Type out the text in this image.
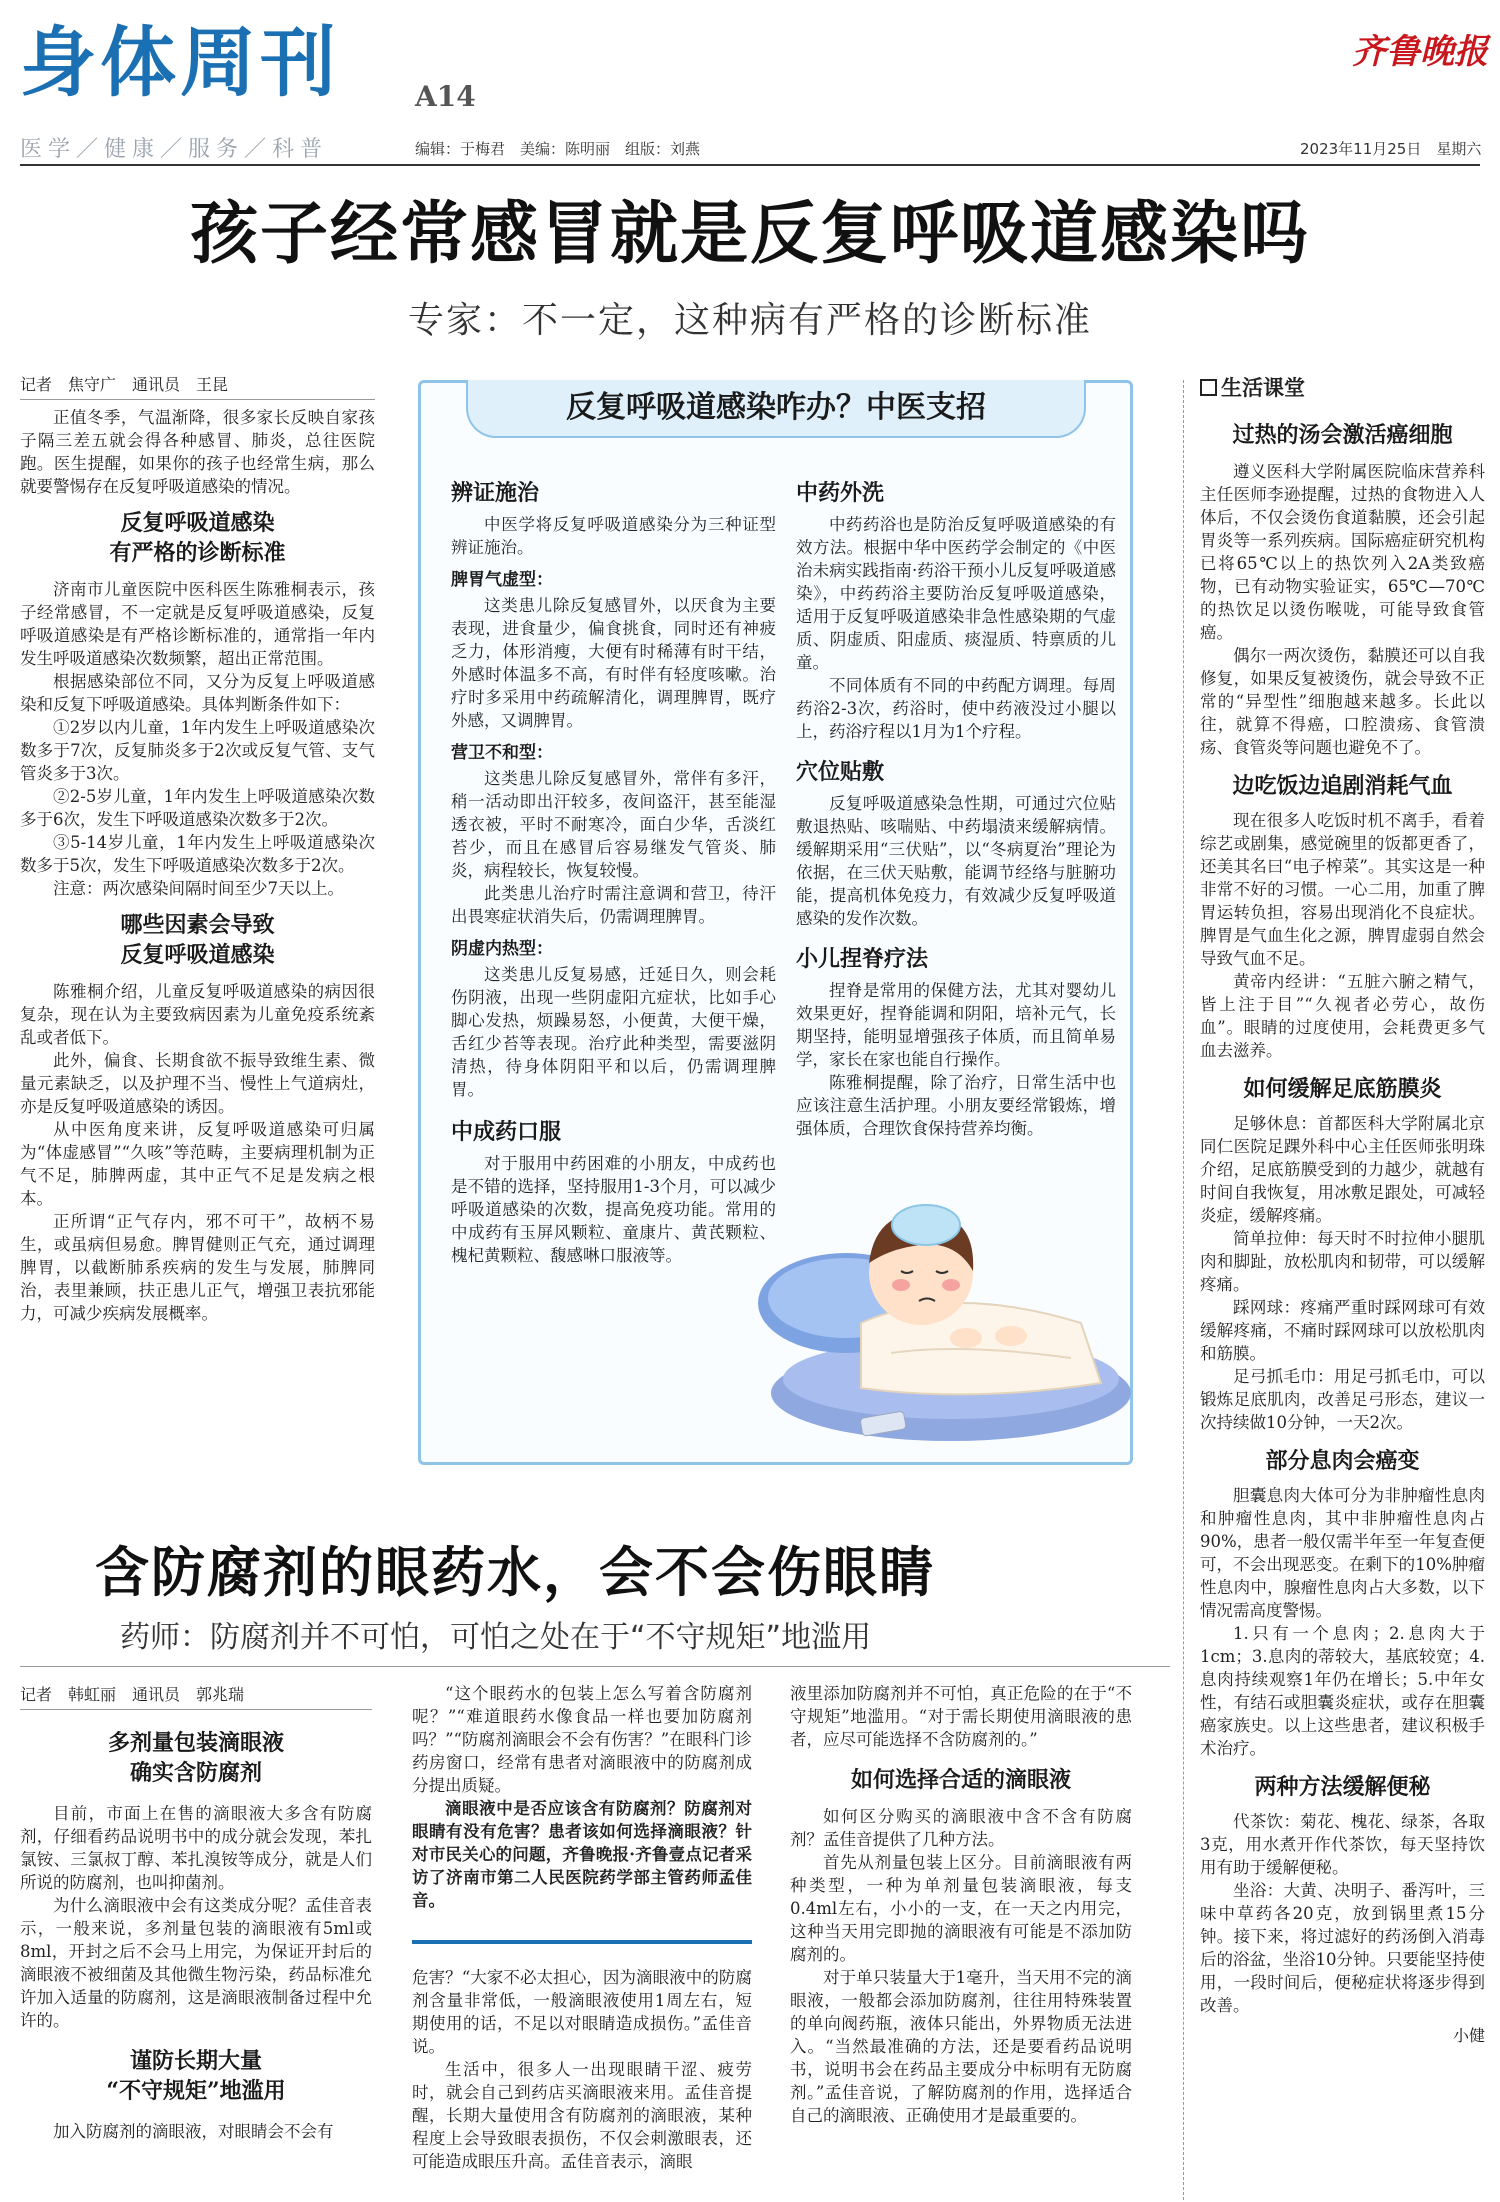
身体周刊	A14
医学／健康／服务／科普	编辑：于梅君　美编：陈明丽　组版：刘燕
齐鲁晚报
2023年11月25日　星期六
孩子经常感冒就是反复呼吸道感染吗
专家：不一定，这种病有严格的诊断标准
记者　焦守广　通讯员　王昆

正值冬季，气温渐降，很多家长反映自家孩子隔三差五就会得各种感冒、肺炎，总往医院跑。医生提醒，如果你的孩子也经常生病，那么就要警惕存在反复呼吸道感染的情况。

反复呼吸道感染
有严格的诊断标准

济南市儿童医院中医科医生陈雅桐表示，孩子经常感冒，不一定就是反复呼吸道感染，反复呼吸道感染是有严格诊断标准的，通常指一年内发生呼吸道感染次数频繁，超出正常范围。

根据感染部位不同，又分为反复上呼吸道感染和反复下呼吸道感染。具体判断条件如下：

①2岁以内儿童，1年内发生上呼吸道感染次数多于7次，反复肺炎多于2次或反复气管、支气管炎多于3次。

②2-5岁儿童，1年内发生上呼吸道感染次数多于6次，发生下呼吸道感染次数多于2次。

③5-14岁儿童，1年内发生上呼吸道感染次数多于5次，发生下呼吸道感染次数多于2次。

注意：两次感染间隔时间至少7天以上。

哪些因素会导致
反复呼吸道感染

陈雅桐介绍，儿童反复呼吸道感染的病因很复杂，现在认为主要致病因素为儿童免疫系统紊乱或者低下。

此外，偏食、长期食欲不振导致维生素、微量元素缺乏，以及护理不当、慢性上气道病灶，亦是反复呼吸道感染的诱因。

从中医角度来讲，反复呼吸道感染可归属为“体虚感冒”“久咳”等范畴，主要病理机制为正气不足，肺脾两虚，其中正气不足是发病之根本。

正所谓“正气存内，邪不可干”，故柄不易生，或虽病但易愈。脾胃健则正气充，通过调理脾胃，以截断肺系疾病的发生与发展，肺脾同治，表里兼顾，扶正患儿正气，增强卫表抗邪能力，可减少疾病发展概率。

反复呼吸道感染咋办？中医支招
辨证施治

中医学将反复呼吸道感染分为三种证型辨证施治。

脾胃气虚型：

这类患儿除反复感冒外，以厌食为主要表现，进食量少，偏食挑食，同时还有神疲乏力，体形消瘦，大便有时稀薄有时干结，外感时体温多不高，有时伴有轻度咳嗽。治疗时多采用中药疏解清化，调理脾胃，既疗外感，又调脾胃。

营卫不和型：

这类患儿除反复感冒外，常伴有多汗，稍一活动即出汗较多，夜间盗汗，甚至能湿透衣被，平时不耐寒冷，面白少华，舌淡红苔少，而且在感冒后容易继发气管炎、肺炎，病程较长，恢复较慢。

此类患儿治疗时需注意调和营卫，待汗出畏寒症状消失后，仍需调理脾胃。

阴虚内热型：

这类患儿反复易感，迁延日久，则会耗伤阴液，出现一些阴虚阳亢症状，比如手心脚心发热，烦躁易怒，小便黄，大便干燥，舌红少苔等表现。治疗此种类型，需要滋阴清热，待身体阴阳平和以后，仍需调理脾胃。

中成药口服

对于服用中药困难的小朋友，中成药也是不错的选择，坚持服用1-3个月，可以减少呼吸道感染的次数，提高免疫功能。常用的中成药有玉屏风颗粒、童康片、黄芪颗粒、槐杞黄颗粒、馥感啉口服液等。

中药外洗

中药药浴也是防治反复呼吸道感染的有效方法。根据中华中医药学会制定的《中医治未病实践指南·药浴干预小儿反复呼吸道感染》，中药药浴主要防治反复呼吸道感染，适用于反复呼吸道感染非急性感染期的气虚质、阴虚质、阳虚质、痰湿质、特禀质的儿童。

不同体质有不同的中药配方调理。每周药浴2-3次，药浴时，使中药液没过小腿以上，药浴疗程以1月为1个疗程。

穴位贴敷

反复呼吸道感染急性期，可通过穴位贴敷退热贴、咳喘贴、中药塌渍来缓解病情。缓解期采用“三伏贴”，以“冬病夏治”理论为依据，在三伏天贴敷，能调节经络与脏腑功能，提高机体免疫力，有效减少反复呼吸道感染的发作次数。

小儿捏脊疗法

捏脊是常用的保健方法，尤其对婴幼儿效果更好，捏脊能调和阴阳，培补元气，长期坚持，能明显增强孩子体质，而且简单易学，家长在家也能自行操作。

陈雅桐提醒，除了治疗，日常生活中也应该注意生活护理。小朋友要经常锻炼，增强体质，合理饮食保持营养均衡。

生活课堂
过热的汤会激活癌细胞

遵义医科大学附属医院临床营养科主任医师李逊提醒，过热的食物进入人体后，不仅会烫伤食道黏膜，还会引起胃炎等一系列疾病。国际癌症研究机构已将65℃以上的热饮列入2A类致癌物，已有动物实验证实，65℃—70℃的热饮足以烫伤喉咙，可能导致食管癌。

偶尔一两次烫伤，黏膜还可以自我修复，如果反复被烫伤，就会导致不正常的“异型性”细胞越来越多。长此以往，就算不得癌，口腔溃疡、食管溃疡、食管炎等问题也避免不了。

边吃饭边追剧消耗气血

现在很多人吃饭时机不离手，看着综艺或剧集，感觉碗里的饭都更香了，还美其名曰“电子榨菜”。其实这是一种非常不好的习惯。一心二用，加重了脾胃运转负担，容易出现消化不良症状。脾胃是气血生化之源，脾胃虚弱自然会导致气血不足。

黄帝内经讲：“五脏六腑之精气，皆上注于目”“久视者必劳心，故伤血”。眼睛的过度使用，会耗费更多气血去滋养。

如何缓解足底筋膜炎

足够休息：首都医科大学附属北京同仁医院足踝外科中心主任医师张明珠介绍，足底筋膜受到的力越少，就越有时间自我恢复，用冰敷足跟处，可减轻炎症，缓解疼痛。

简单拉伸：每天时不时拉伸小腿肌肉和脚趾，放松肌肉和韧带，可以缓解疼痛。

踩网球：疼痛严重时踩网球可有效缓解疼痛，不痛时踩网球可以放松肌肉和筋膜。

足弓抓毛巾：用足弓抓毛巾，可以锻炼足底肌肉，改善足弓形态，建议一次持续做10分钟，一天2次。

部分息肉会癌变

胆囊息肉大体可分为非肿瘤性息肉和肿瘤性息肉，其中非肿瘤性息肉占90%，患者一般仅需半年至一年复查便可，不会出现恶变。在剩下的10%肿瘤性息肉中，腺瘤性息肉占大多数，以下情况需高度警惕。

1.只有一个息肉；2.息肉大于1cm；3.息肉的蒂较大，基底较宽；4.息肉持续观察1年仍在增长；5.中年女性，有结石或胆囊炎症状，或存在胆囊癌家族史。以上这些患者，建议积极手术治疗。

两种方法缓解便秘

代茶饮：菊花、槐花、绿茶，各取3克，用水煮开作代茶饮，每天坚持饮用有助于缓解便秘。

坐浴：大黄、决明子、番泻叶，三味中草药各20克，放到锅里煮15分钟。接下来，将过滤好的药汤倒入消毒后的浴盆，坐浴10分钟。只要能坚持使用，一段时间后，便秘症状将逐步得到改善。

小健
含防腐剂的眼药水，会不会伤眼睛
药师：防腐剂并不可怕，可怕之处在于“不守规矩”地滥用
记者　韩虹丽　通讯员　郭兆瑞
多剂量包装滴眼液
确实含防腐剂

目前，市面上在售的滴眼液大多含有防腐剂，仔细看药品说明书中的成分就会发现，苯扎氯铵、三氯叔丁醇、苯扎溴铵等成分，就是人们所说的防腐剂，也叫抑菌剂。

为什么滴眼液中会有这类成分呢？孟佳音表示，一般来说，多剂量包装的滴眼液有5ml或8ml，开封之后不会马上用完，为保证开封后的滴眼液不被细菌及其他微生物污染，药品标准允许加入适量的防腐剂，这是滴眼液制备过程中允许的。

谨防长期大量
“不守规矩”地滥用

加入防腐剂的滴眼液，对眼睛会不会有

“这个眼药水的包装上怎么写着含防腐剂呢？”“难道眼药水像食品一样也要加防腐剂吗？”“防腐剂滴眼会不会有伤害？”在眼科门诊药房窗口，经常有患者对滴眼液中的防腐剂成分提出质疑。

滴眼液中是否应该含有防腐剂？防腐剂对眼睛有没有危害？患者该如何选择滴眼液？针对市民关心的问题，齐鲁晚报·齐鲁壹点记者采访了济南市第二人民医院药学部主管药师孟佳音。

危害？“大家不必太担心，因为滴眼液中的防腐剂含量非常低，一般滴眼液使用1周左右，短期使用的话，不足以对眼睛造成损伤。”孟佳音说。

生活中，很多人一出现眼睛干涩、疲劳时，就会自己到药店买滴眼液来用。孟佳音提醒，长期大量使用含有防腐剂的滴眼液，某种程度上会导致眼表损伤，不仅会刺激眼表，还可能造成眼压升高。孟佳音表示，滴眼

液里添加防腐剂并不可怕，真正危险的在于“不守规矩”地滥用。“对于需长期使用滴眼液的患者，应尽可能选择不含防腐剂的。”

如何选择合适的滴眼液

如何区分购买的滴眼液中含不含有防腐剂？孟佳音提供了几种方法。

首先从剂量包装上区分。目前滴眼液有两种类型，一种为单剂量包装滴眼液，每支0.4ml左右，小小的一支，在一天之内用完，这种当天用完即抛的滴眼液有可能是不添加防腐剂的。

对于单只装量大于1毫升，当天用不完的滴眼液，一般都会添加防腐剂，往往用特殊装置的单向阀药瓶，液体只能出，外界物质无法进入。“当然最准确的方法，还是要看药品说明书，说明书会在药品主要成分中标明有无防腐剂。”孟佳音说，了解防腐剂的作用，选择适合自己的滴眼液、正确使用才是最重要的。
